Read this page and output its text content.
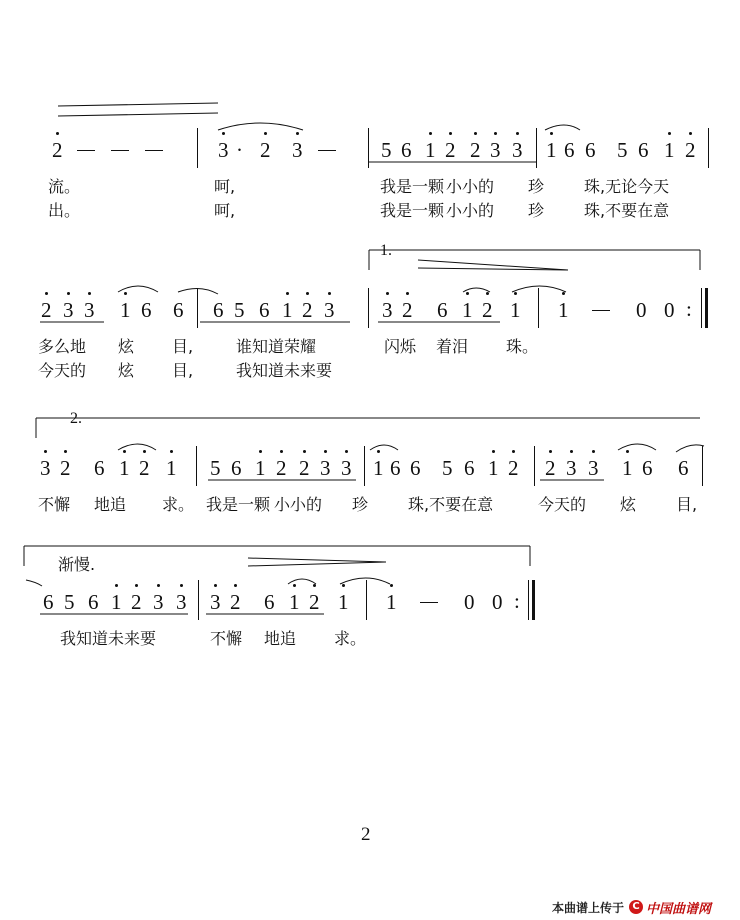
2	3 · 2 3	5 6 1 2 2 3 3 1 6 6 5 6 1 2
流。	呵,	我是一颗 小小的 珍 珠,无论今天
出。	呵,	我是一颗 小小的 珍 珠,不要在意
1.
2 3 3 1 6 6 6 5 6 1 2 3 3 2 6 1 2 1 1	0 0 :
多么地 炫 目,	谁知道荣耀	闪烁 着泪 珠。
今天的 炫 目,	我知道未来要
2.
3 2 6 1 2 1 5 6 1 2 2 3 3 1 6 6 5 6 1 2 2 3 3 1 6 6
不懈 地追 求。 我是一颗 小小的 珍 珠,不要在意	今天的 炫 目,
渐慢.
6 5 6 1 2 3 3 3 2 6 1 2 1 1	0 0 :
我知道未来要	不懈 地追 求。
2
本曲谱上传于 C 中国曲谱网
